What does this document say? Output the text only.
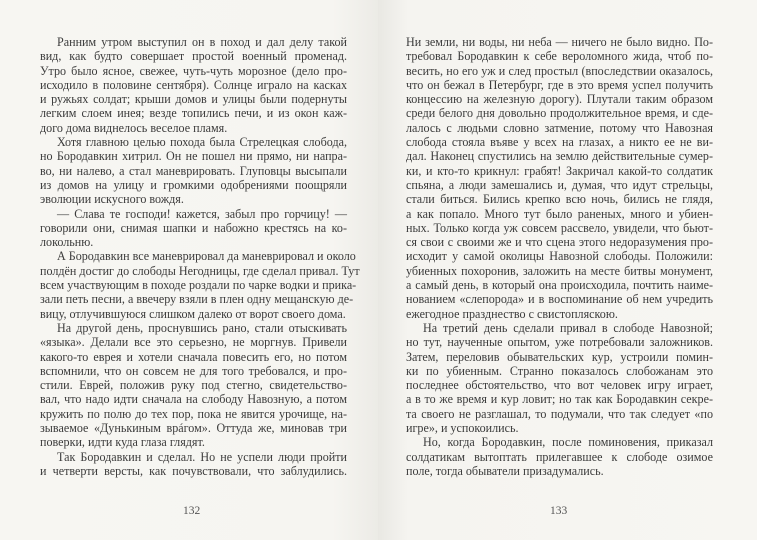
Ранним утром выступил он в поход и дал делу такой
вид, как будто совершает простой военный променад.
Утро было ясное, свежее, чуть-чуть морозное (дело про-
исходило в половине сентября). Солнце играло на касках
и ружьях солдат; крыши домов и улицы были подернуты
легким слоем инея; везде топились печи, и из окон каж-
дого дома виднелось веселое пламя.
Хотя главною целью похода была Стрелецкая слобода,
но Бородавкин хитрил. Он не пошел ни прямо, ни напра-
во, ни налево, а стал маневрировать. Глуповцы высыпали
из домов на улицу и громкими одобрениями поощряли
эволюции искусного вождя.
— Слава те господи! кажется, забыл про горчицу! —
говорили они, снимая шапки и набожно крестясь на ко-
локольню.
А Бородавкин все маневрировал да маневрировал и около
полдён достиг до слободы Негодницы, где сделал привал. Тут
всем участвующим в походе роздали по чарке водки и прика-
зали петь песни, а ввечеру взяли в плен одну мещанскую де-
вицу, отлучившуюся слишком далеко от ворот своего дома.
На другой день, проснувшись рано, стали отыскивать
«языка». Делали все это серьезно, не моргнув. Привели
какого-то еврея и хотели сначала повесить его, но потом
вспомнили, что он совсем не для того требовался, и про-
стили. Еврей, положив руку под стегно, свидетельство-
вал, что надо идти сначала на слободу Навозную, а потом
кружить по полю до тех пор, пока не явится урочище, на-
зываемое «Дунькиным врáгом». Оттуда же, миновав три
поверки, идти куда глаза глядят.
Так Бородавкин и сделал. Но не успели люди пройти
и четверти версты, как почувствовали, что заблудились.
132
Ни земли, ни воды, ни неба — ничего не было видно. По-
требовал Бородавкин к себе вероломного жида, чтоб по-
весить, но его уж и след простыл (впоследствии оказалось,
что он бежал в Петербург, где в это время успел получить
концессию на железную дорогу). Плутали таким образом
среди белого дня довольно продолжительное время, и сде-
лалось с людьми словно затмение, потому что Навозная
слобода стояла въяве у всех на глазах, а никто ее не ви-
дал. Наконец спустились на землю действительные сумер-
ки, и кто-то крикнул: грабят! Закричал какой-то солдатик
спьяна, а люди замешались и, думая, что идут стрельцы,
стали биться. Бились крепко всю ночь, бились не глядя,
а как попало. Много тут было раненых, много и убиен-
ных. Только когда уж совсем рассвело, увидели, что бьют-
ся свои с своими же и что сцена этого недоразумения про-
исходит у самой околицы Навозной слободы. Положили:
убиенных похоронив, заложить на месте битвы монумент,
а самый день, в который она происходила, почтить наиме-
нованием «слепорода» и в воспоминание об нем учредить
ежегодное празднество с свистопляскою.
На третий день сделали привал в слободе Навозной;
но тут, наученные опытом, уже потребовали заложников.
Затем, переловив обывательских кур, устроили помин-
ки по убиенным. Странно показалось слобожанам это
последнее обстоятельство, что вот человек игру играет,
а в то же время и кур ловит; но так как Бородавкин секре-
та своего не разглашал, то подумали, что так следует «по
игре», и успокоились.
Но, когда Бородавкин, после поминовения, приказал
солдатикам вытоптать прилегавшее к слободе озимое
поле, тогда обыватели призадумались.
133
